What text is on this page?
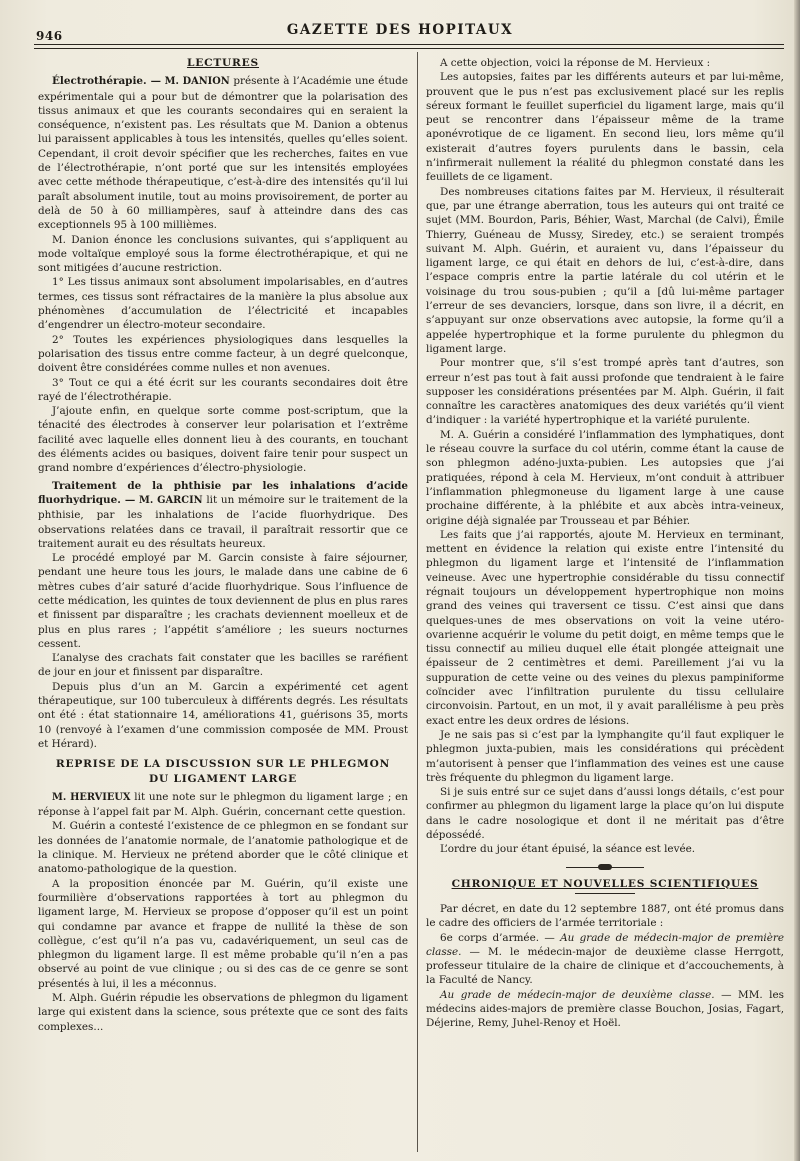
946	GAZETTE DES HOPITAUX

LECTURES

Électrothérapie. — M. DANION présente à l’Académie une étude expérimentale qui a pour but de démontrer que la polarisation des tissus animaux et que les courants secondaires qui en seraient la conséquence, n’existent pas. Les résultats que M. Danion a obtenus lui paraissent applicables à tous les intensités, quelles qu’elles soient. Cependant, il croit devoir spécifier que les recherches, faites en vue de l’électrothérapie, n’ont porté que sur les intensités employées avec cette méthode thérapeutique, c’est-à-dire des intensités qu’il lui paraît absolument inutile, tout au moins provisoirement, de porter au delà de 50 à 60 milliampères, sauf à atteindre dans des cas exceptionnels 95 à 100 millièmes.

M. Danion énonce les conclusions suivantes, qui s’appliquent au mode voltaïque employé sous la forme électrothérapique, et qui ne sont mitigées d’aucune restriction.

1° Les tissus animaux sont absolument impolarisables, en d’autres termes, ces tissus sont réfractaires de la manière la plus absolue aux phénomènes d’accumulation de l’électricité et incapables d’engendrer un électro-moteur secondaire.

2° Toutes les expériences physiologiques dans lesquelles la polarisation des tissus entre comme facteur, à un degré quelconque, doivent être considérées comme nulles et non avenues.

3° Tout ce qui a été écrit sur les courants secondaires doit être rayé de l’électrothérapie.

J’ajoute enfin, en quelque sorte comme post-scriptum, que la ténacité des électrodes à conserver leur polarisation et l’extrême facilité avec laquelle elles donnent lieu à des courants, en touchant des éléments acides ou basiques, doivent faire tenir pour suspect un grand nombre d’expériences d’électro-physiologie.

Traitement de la phthisie par les inhalations d’acide fluorhydrique. — M. GARCIN lit un mémoire sur le traitement de la phthisie, par les inhalations de l’acide fluorhydrique. Des observations relatées dans ce travail, il paraîtrait ressortir que ce traitement aurait eu des résultats heureux.

Le procédé employé par M. Garcin consiste à faire séjourner, pendant une heure tous les jours, le malade dans une cabine de 6 mètres cubes d’air saturé d’acide fluorhydrique. Sous l’influence de cette médication, les quintes de toux deviennent de plus en plus rares et finissent par disparaître ; les crachats deviennent moelleux et de plus en plus rares ; l’appétit s’améliore ; les sueurs nocturnes cessent.

L’analyse des crachats fait constater que les bacilles se raréfient de jour en jour et finissent par disparaître.

Depuis plus d’un an M. Garcin a expérimenté cet agent thérapeutique, sur 100 tuberculeux à différents degrés. Les résultats ont été : état stationnaire 14, améliorations 41, guérisons 35, morts 10 (renvoyé à l’examen d’une commission composée de MM. Proust et Hérard).

REPRISE DE LA DISCUSSION SUR LE PHLEGMON

DU LIGAMENT LARGE

M. HERVIEUX lit une note sur le phlegmon du ligament large ; en réponse à l’appel fait par M. Alph. Guérin, concernant cette question.

M. Guérin a contesté l’existence de ce phlegmon en se fondant sur les données de l’anatomie normale, de l’anatomie pathologique et de la clinique. M. Hervieux ne prétend aborder que le côté clinique et anatomo-pathologique de la question.

A la proposition énoncée par M. Guérin, qu’il existe une fourmilière d’observations rapportées à tort au phlegmon du ligament large, M. Hervieux se propose d’opposer qu’il est un point qui condamne par avance et frappe de nullité la thèse de son collègue, c’est qu’il n’a pas vu, cadavériquement, un seul cas de phlegmon du ligament large. Il est même probable qu’il n’en a pas observé au point de vue clinique ; ou si des cas de ce genre se sont présentés à lui, il les a méconnus.

M. Alph. Guérin répudie les observations de phlegmon du ligament large qui existent dans la science, sous prétexte que ce sont des faits complexes...

A cette objection, voici la réponse de M. Hervieux :

Les autopsies, faites par les différents auteurs et par lui-même, prouvent que le pus n’est pas exclusivement placé sur les replis séreux formant le feuillet superficiel du ligament large, mais qu’il peut se rencontrer dans l’épaisseur même de la trame aponévrotique de ce ligament. En second lieu, lors même qu’il existerait d’autres foyers purulents dans le bassin, cela n’infirmerait nullement la réalité du phlegmon constaté dans les feuillets de ce ligament.

Des nombreuses citations faites par M. Hervieux, il résulterait que, par une étrange aberration, tous les auteurs qui ont traité ce sujet (MM. Bourdon, Paris, Béhier, Wast, Marchal (de Calvi), Émile Thierry, Guéneau de Mussy, Siredey, etc.) se seraient trompés suivant M. Alph. Guérin, et auraient vu, dans l’épaisseur du ligament large, ce qui était en dehors de lui, c’est-à-dire, dans l’espace compris entre la partie latérale du col utérin et le voisinage du trou sous-pubien ; qu’il a [dû lui-même partager l’erreur de ses devanciers, lorsque, dans son livre, il a décrit, en s’appuyant sur onze observations avec autopsie, la forme qu’il a appelée hypertrophique et la forme purulente du phlegmon du ligament large.

Pour montrer que, s’il s’est trompé après tant d’autres, son erreur n’est pas tout à fait aussi profonde que tendraient à le faire supposer les considérations présentées par M. Alph. Guérin, il fait connaître les caractères anatomiques des deux variétés qu’il vient d’indiquer : la variété hypertrophique et la variété purulente.

M. A. Guérin a considéré l’inflammation des lymphatiques, dont le réseau couvre la surface du col utérin, comme étant la cause de son phlegmon adéno-juxta-pubien. Les autopsies que j’ai pratiquées, répond à cela M. Hervieux, m’ont conduit à attribuer l’inflammation phlegmoneuse du ligament large à une cause prochaine différente, à la phlébite et aux abcès intra-veineux, origine déjà signalée par Trousseau et par Béhier.

Les faits que j’ai rapportés, ajoute M. Hervieux en terminant, mettent en évidence la relation qui existe entre l’intensité du phlegmon du ligament large et l’intensité de l’inflammation veineuse. Avec une hypertrophie considérable du tissu connectif régnait toujours un développement hypertrophique non moins grand des veines qui traversent ce tissu. C’est ainsi que dans quelques-unes de mes observations on voit la veine utéro-ovarienne acquérir le volume du petit doigt, en même temps que le tissu connectif au milieu duquel elle était plongée atteignait une épaisseur de 2 centimètres et demi. Pareillement j’ai vu la suppuration de cette veine ou des veines du plexus pampiniforme coïncider avec l’infiltration purulente du tissu cellulaire circonvoisin. Partout, en un mot, il y avait parallélisme à peu près exact entre les deux ordres de lésions.

Je ne sais pas si c’est par la lymphangite qu’il faut expliquer le phlegmon juxta-pubien, mais les considérations qui précèdent m’autorisent à penser que l’inflammation des veines est une cause très fréquente du phlegmon du ligament large.

Si je suis entré sur ce sujet dans d’aussi longs détails, c’est pour confirmer au phlegmon du ligament large la place qu’on lui dispute dans le cadre nosologique et dont il ne méritait pas d’être dépossédé.

L’ordre du jour étant épuisé, la séance est levée.

CHRONIQUE ET NOUVELLES SCIENTIFIQUES

Par décret, en date du 12 septembre 1887, ont été promus dans le cadre des officiers de l’armée territoriale :

6e corps d’armée. — Au grade de médecin-major de première classe. — M. le médecin-major de deuxième classe Herrgott, professeur titulaire de la chaire de clinique et d’accouchements, à la Faculté de Nancy.

Au grade de médecin-major de deuxième classe. — MM. les médecins aides-majors de première classe Bouchon, Josias, Fagart, Déjerine, Remy, Juhel-Renoy et Hoël.
